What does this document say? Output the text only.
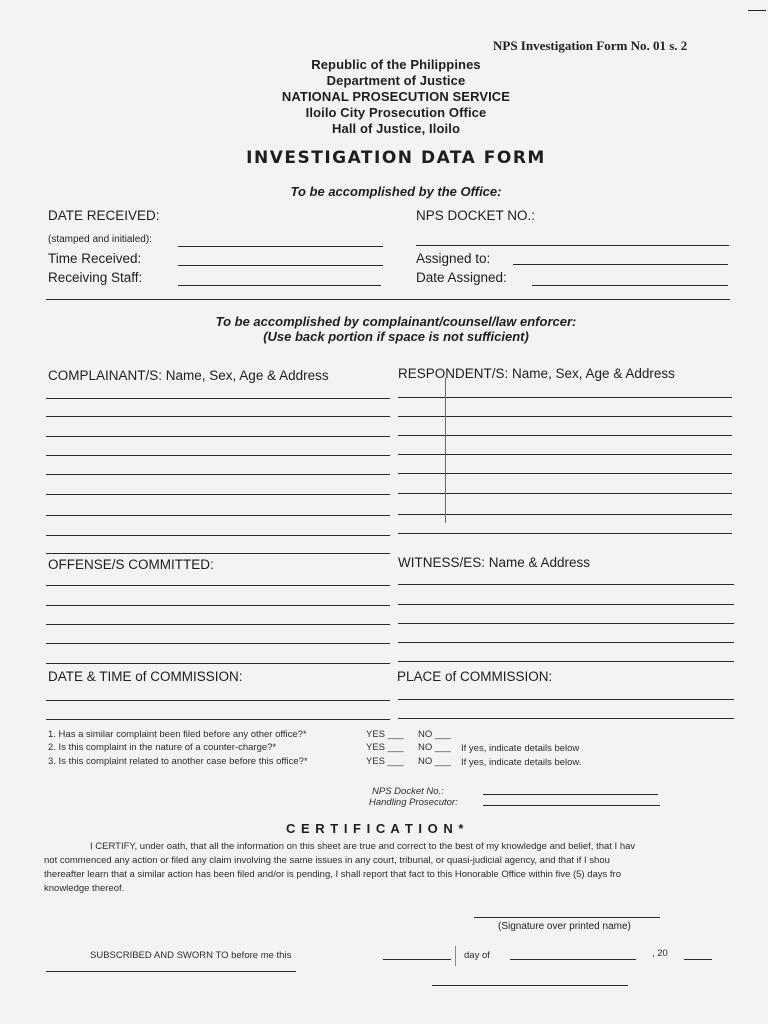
NPS Investigation Form No. 01 s. 2
Republic of the Philippines
Department of Justice
NATIONAL PROSECUTION SERVICE
Iloilo City Prosecution Office
Hall of Justice, Iloilo
INVESTIGATION DATA FORM
To be accomplished by the Office:
DATE RECEIVED:
(stamped and initialed):
Time Received:
Receiving Staff:
NPS DOCKET NO.:
Assigned to:
Date Assigned:
To be accomplished by complainant/counsel/law enforcer:
(Use back portion if space is not sufficient)
COMPLAINANT/S: Name, Sex, Age & Address	RESPONDENT/S: Name, Sex, Age & Address
OFFENSE/S COMMITTED:	WITNESS/ES: Name & Address
DATE & TIME of COMMISSION:	PLACE of COMMISSION:
1. Has a similar complaint been filed before any other office?*	YES ___ NO ___
2. Is this complaint in the nature of a counter-charge?*	YES ___ NO ___ If yes, indicate details below
3. Is this complaint related to another case before this office?*	YES ___ NO ___ If yes, indicate details below.
NPS Docket No.:
Handling Prosecutor:
C E R T I F I C A T I O N *
I CERTIFY, under oath, that all the information on this sheet are true and correct to the best of my knowledge and belief, that I hav
not commenced any action or filed any claim involving the same issues in any court, tribunal, or quasi-judicial agency, and that if I shou
thereafter learn that a similar action has been filed and/or is pending, I shall report that fact to this Honorable Office within five (5) days fro
knowledge thereof.
(Signature over printed name)
SUBSCRIBED AND SWORN TO before me this	day of	, 20
